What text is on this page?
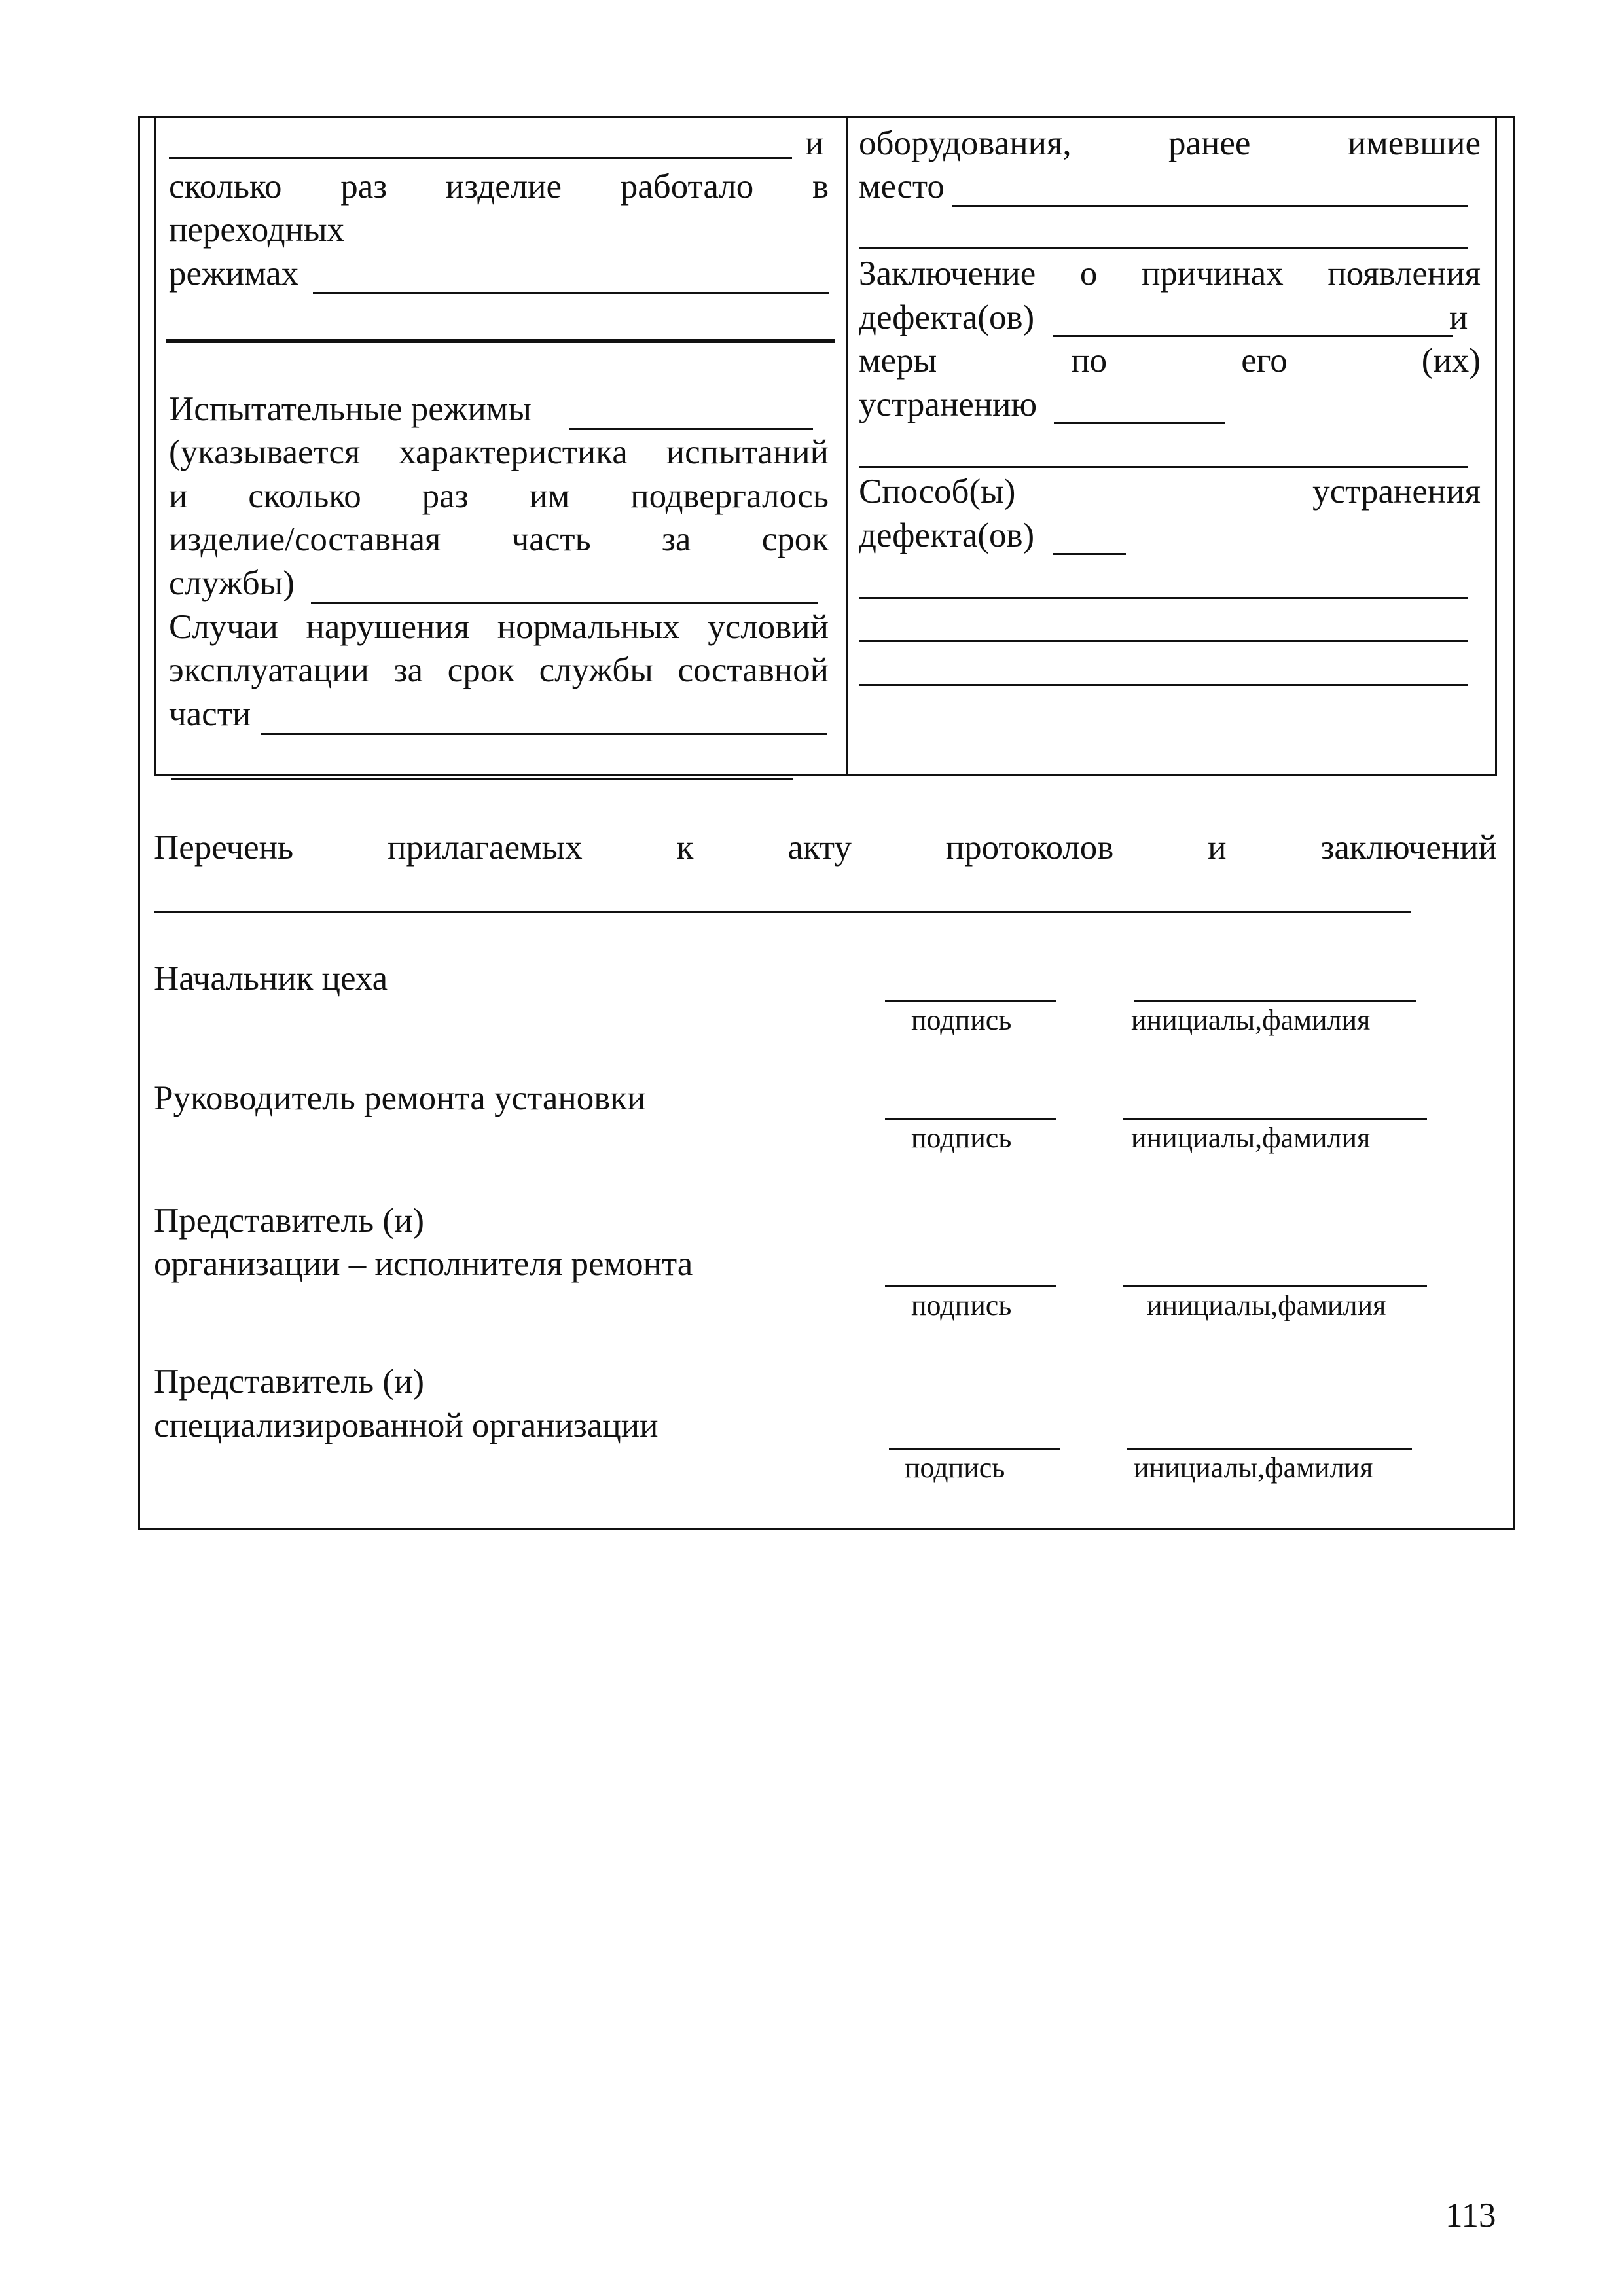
и
сколько раз изделие работало в
переходных
режимах
Испытательные режимы
(указывается характеристика испытаний
и сколько раз им подвергалось
изделие/составная часть за срок
службы)
Случаи нарушения нормальных условий
эксплуатации за срок службы составной
части
оборудования,	ранее	имевшие
место
Заключение о причинах появления
дефекта(ов)	и
меры	по	его	(их)
устранению
Способ(ы)	устранения
дефекта(ов)
Перечень	прилагаемых	к	акту	протоколов	и	заключений
Начальник цеха
подпись	инициалы,фамилия
Руководитель ремонта установки
подпись	инициалы,фамилия
Представитель (и)
организации – исполнителя ремонта
подпись	инициалы,фамилия
Представитель (и)
специализированной организации
подпись	инициалы,фамилия
113
